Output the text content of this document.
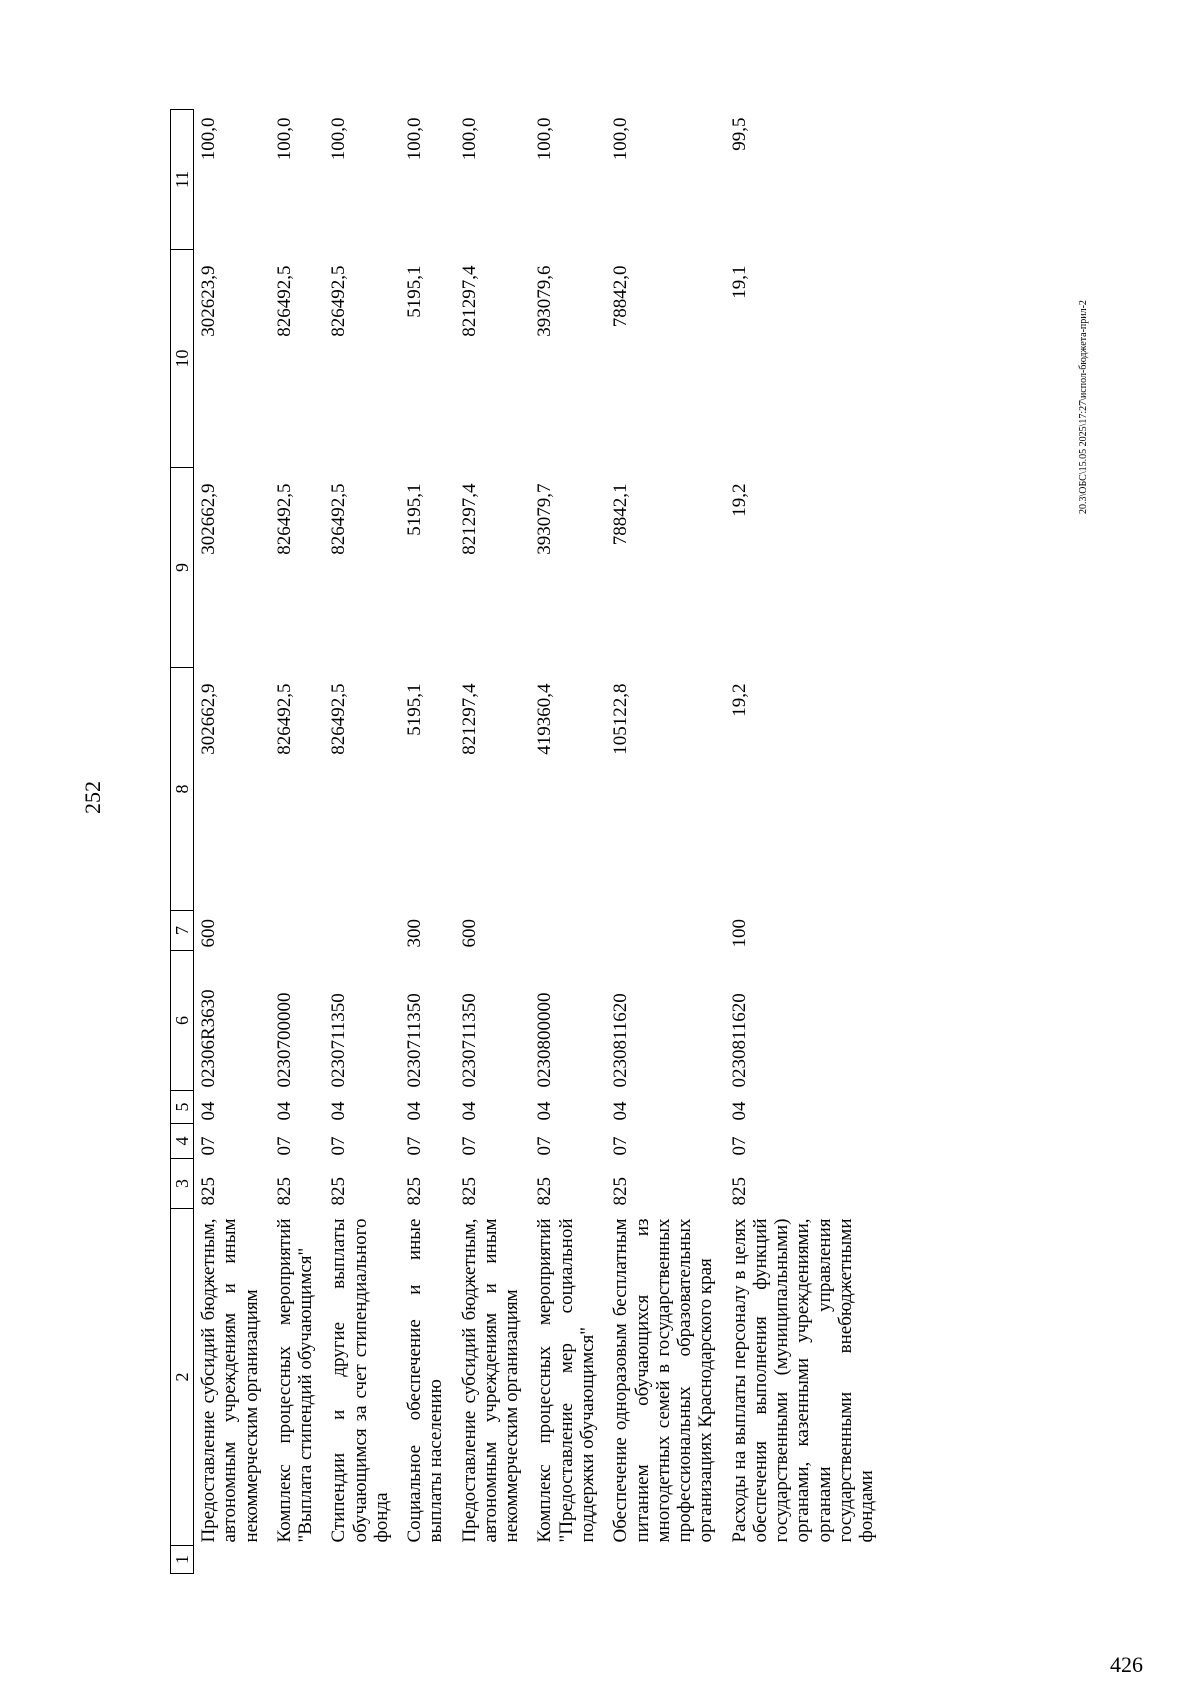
426
252
1	2	3	4	5	6	7	8	9	10	11
	Предоставление субсидий бюджетным, автономным учреждениям и иным некоммерческим организациям	825	07	04	02306R3630	600	302662,9	302662,9	302623,9	100,0
	Комплекс процессных мероприятий "Выплата стипендий обучающимся"	825	07	04	0230700000		826492,5	826492,5	826492,5	100,0
	Стипендии и другие выплаты обучающимся за счет стипендиального фонда	825	07	04	0230711350		826492,5	826492,5	826492,5	100,0
	Социальное обеспечение и иные выплаты населению	825	07	04	0230711350	300	5195,1	5195,1	5195,1	100,0
	Предоставление субсидий бюджетным, автономным учреждениям и иным некоммерческим организациям	825	07	04	0230711350	600	821297,4	821297,4	821297,4	100,0
	Комплекс процессных мероприятий "Предоставление мер социальной поддержки обучающимся"	825	07	04	0230800000		419360,4	393079,7	393079,6	100,0
	Обеспечение одноразовым бесплатным питанием обучающихся из многодетных семей в государственных профессиональных образовательных организациях Краснодарского края	825	07	04	0230811620		105122,8	78842,1	78842,0	100,0
	Расходы на выплаты персоналу в целях обеспечения выполнения функций государственными (муниципальными) органами, казенными учреждениями, органами управления государственными внебюджетными фондами	825	07	04	0230811620	100	19,2	19,2	19,1	99,5
20.3\ОБС\15.05 2025\17:27\испол-бюджета-прил-2
